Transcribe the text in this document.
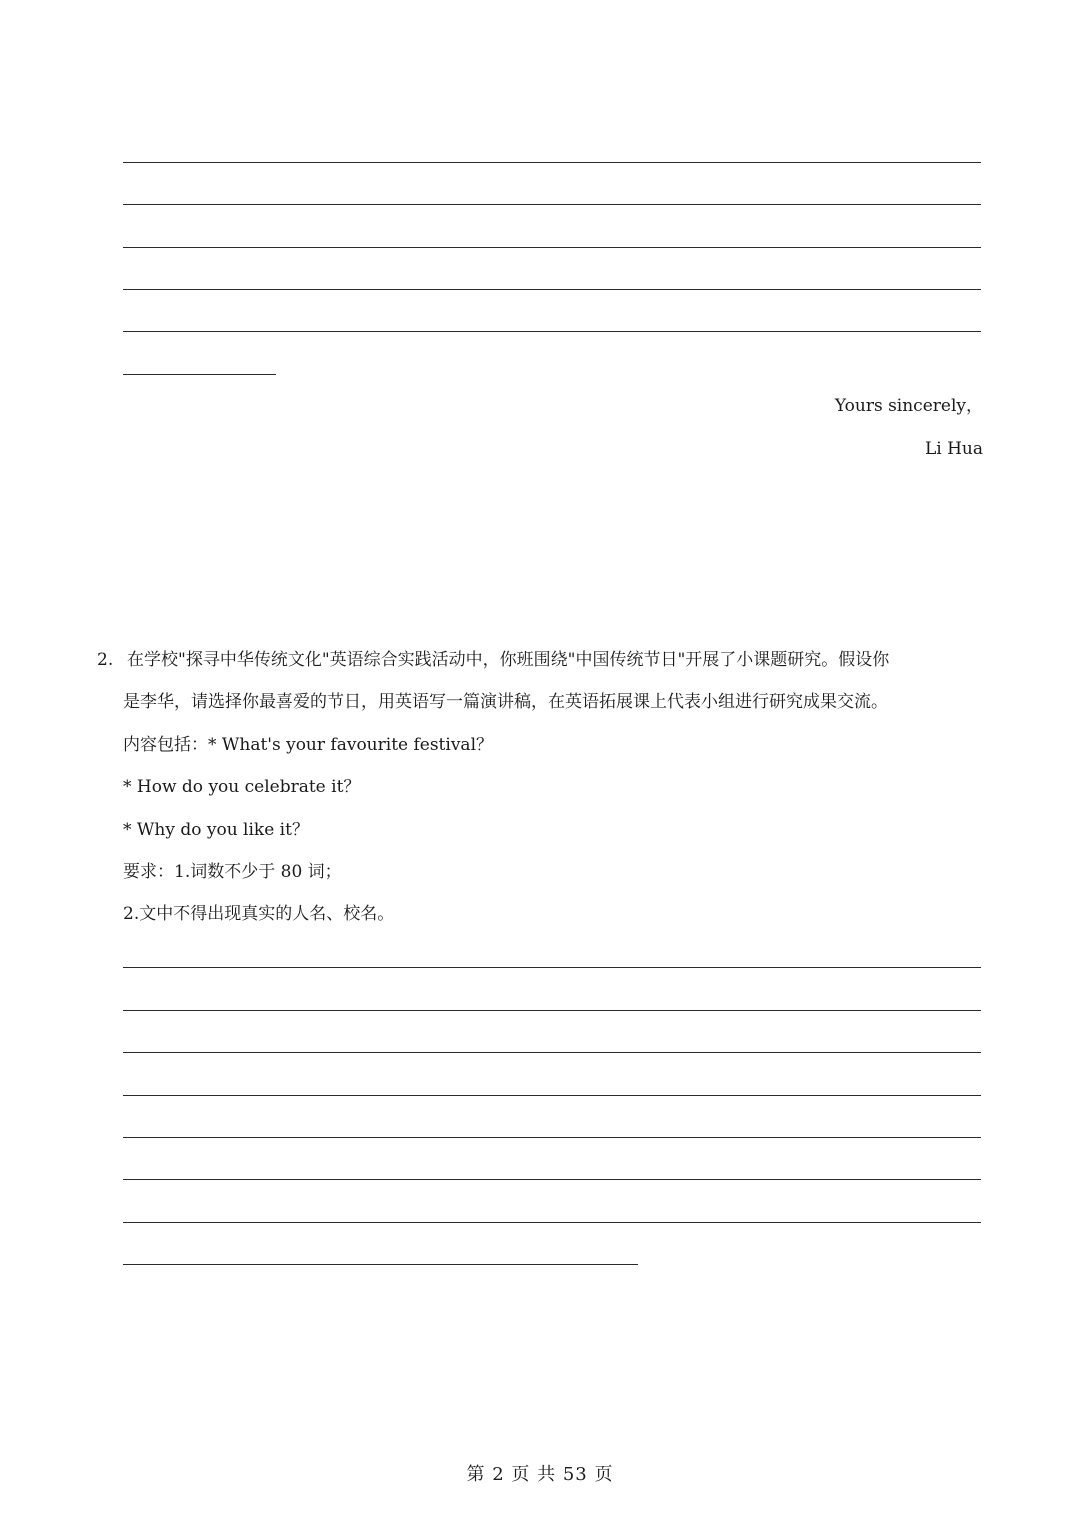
Yours sincerely，
Li Hua
2. 在学校"探寻中华传统文化"英语综合实践活动中，你班围绕"中国传统节日"开展了小课题研究。假设你
是李华，请选择你最喜爱的节日，用英语写一篇演讲稿，在英语拓展课上代表小组进行研究成果交流。
内容包括：* What's your favourite festival？
* How do you celebrate it？
* Why do you like it？
要求：1.词数不少于 80 词；
2.文中不得出现真实的人名、校名。
第 2 页 共 53 页
